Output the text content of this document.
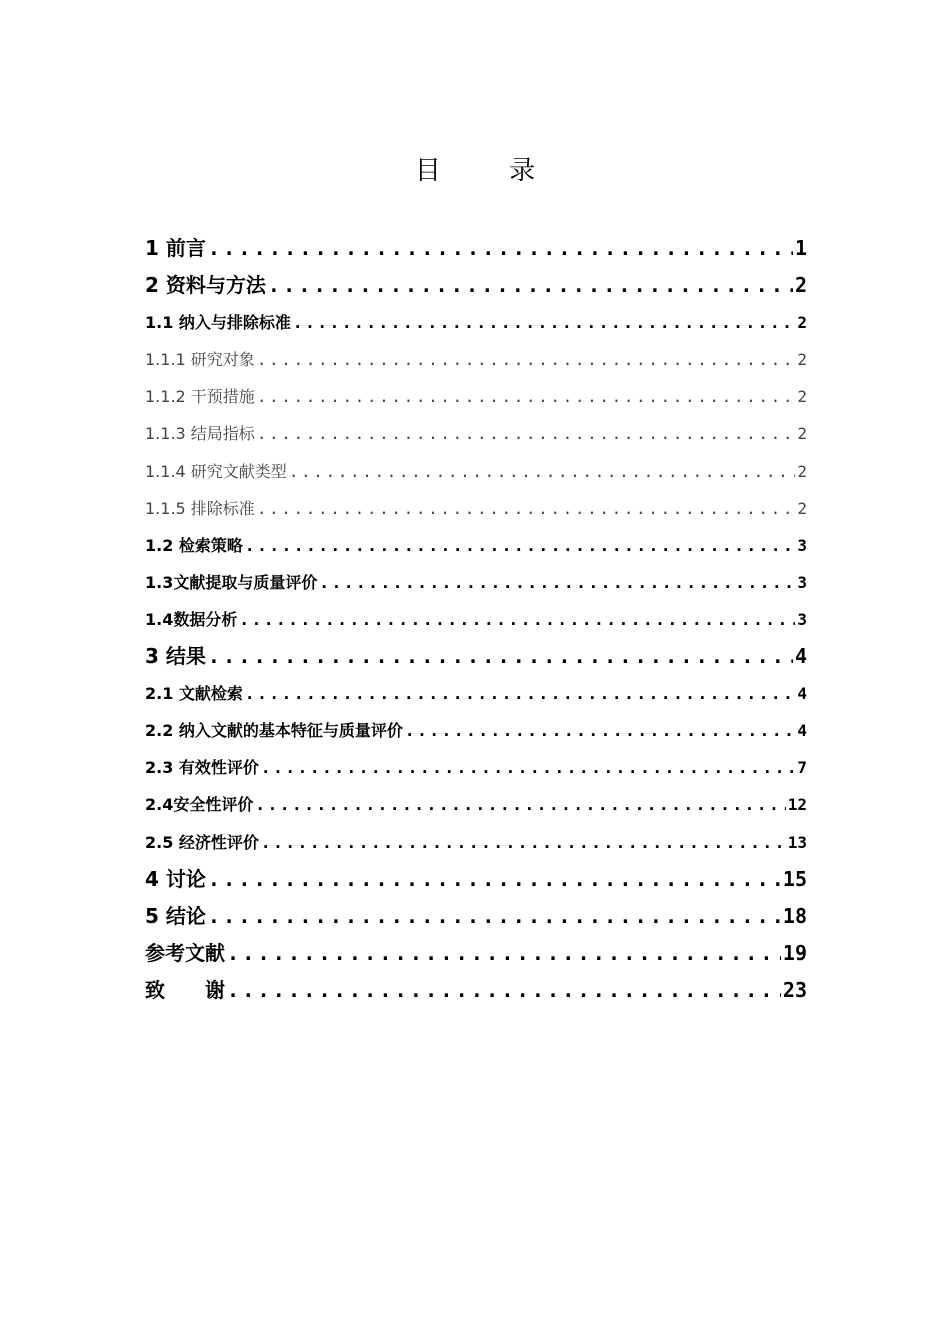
目	录
1 前言 .....	1
2 资料与方法 .....	2
1.1 纳入与排除标准 .....	2
1.1.1 研究对象 .....	2
1.1.2 干预措施 .....	2
1.1.3 结局指标 .....	2
1.1.4 研究文献类型 .....	2
1.1.5 排除标准 .....	2
1.2 检索策略 .....	3
1.3文献提取与质量评价 .....	3
1.4数据分析 .....	3
3 结果 .....	4
2.1 文献检索 .....	4
2.2 纳入文献的基本特征与质量评价 .....	4
2.3 有效性评价 .....	7
2.4安全性评价 .....	12
2.5 经济性评价 .....	13
4 讨论 .....	15
5 结论 .....	18
参考文献 .....	19
致　　谢 .....	23
